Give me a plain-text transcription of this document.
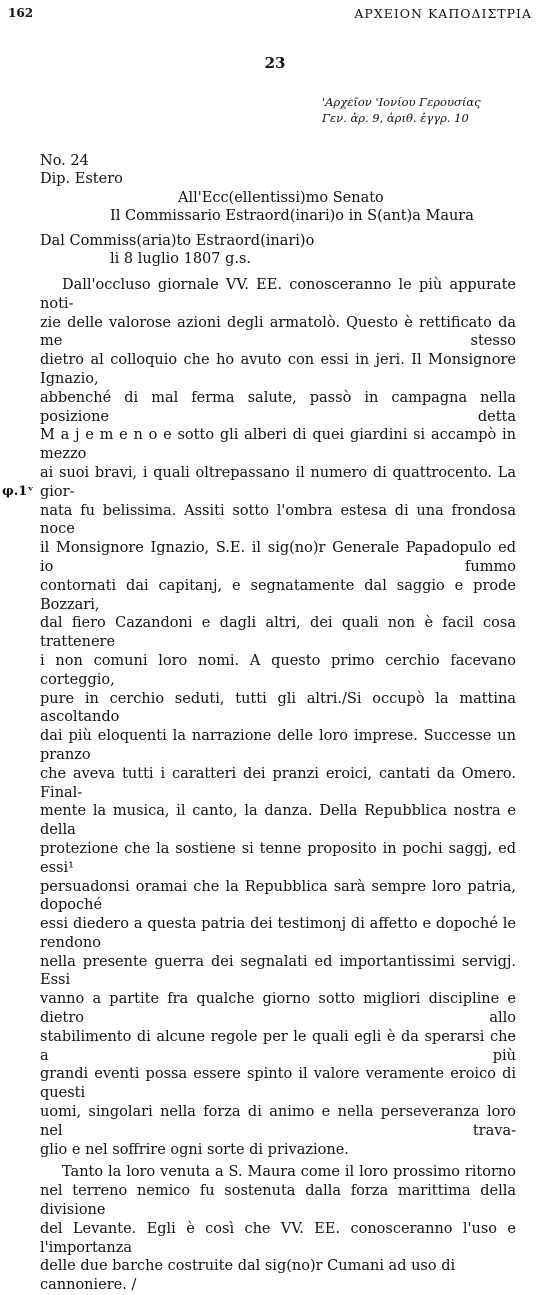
162	ΑΡΧΕΙΟΝ ΚΑΠΟΔΙΣΤΡΙΑ
23
'Αρχεῖον 'Ιονίου Γερουσίας
Γεν. ἀρ. 9, ἀριθ. ἐγγρ. 10
No. 24
Dip. Estero
All'Ecc(ellentissi)mo Senato
Il Commissario Estraord(inari)o in S(ant)a Maura
Dal Commiss(aria)to Estraord(inari)o
li 8 luglio 1807 g.s.
φ.1ᵛ

Dall'occluso giornale VV. EE. conosceranno le più appurate noti-

zie delle valorose azioni degli armatolò. Questo è rettificato da me stesso

dietro al colloquio che ho avuto con essi in jeri. Il Monsignore Ignazio,

abbenché di mal ferma salute, passò in campagna nella posizione detta

M a j e m e n o e sotto gli alberi di quei giardini si accampò in mezzo

ai suoi bravi, i quali oltrepassano il numero di quattrocento. La gior-

nata fu belissima. Assiti sotto l'ombra estesa di una frondosa noce

il Monsignore Ignazio, S.E. il sig(no)r Generale Papadopulo ed io fummo

contornati dai capitanj, e segnatamente dal saggio e prode Bozzari,

dal fiero Cazandoni e dagli altri, dei quali non è facil cosa trattenere

i non comuni loro nomi. A questo primo cerchio facevano corteggio,

pure in cerchio seduti, tutti gli altri./Si occupò la mattina ascoltando

dai più eloquenti la narrazione delle loro imprese. Successe un pranzo

che aveva tutti i caratteri dei pranzi eroici, cantati da Omero. Final-

mente la musica, il canto, la danza. Della Repubblica nostra e della

protezione che la sostiene si tenne proposito in pochi saggj, ed essi¹

persuadonsi oramai che la Repubblica sarà sempre loro patria, dopoché

essi diedero a questa patria dei testimonj di affetto e dopoché le rendono

nella presente guerra dei segnalati ed importantissimi servigj. Essi

vanno a partite fra qualche giorno sotto migliori discipline e dietro allo

stabilimento di alcune regole per le quali egli è da sperarsi che a più

grandi eventi possa essere spinto il valore veramente eroico di questi

uomi, singolari nella forza di animo e nella perseveranza loro nel trava-

glio e nel soffrire ogni sorte di privazione.

Tanto la loro venuta a S. Maura come il loro prossimo ritorno

nel terreno nemico fu sostenuta dalla forza marittima della divisione

del Levante. Egli è così che VV. EE. conosceranno l'uso e l'importanza

delle due barche costruite dal sig(no)r Cumani ad uso di cannoniere. /
